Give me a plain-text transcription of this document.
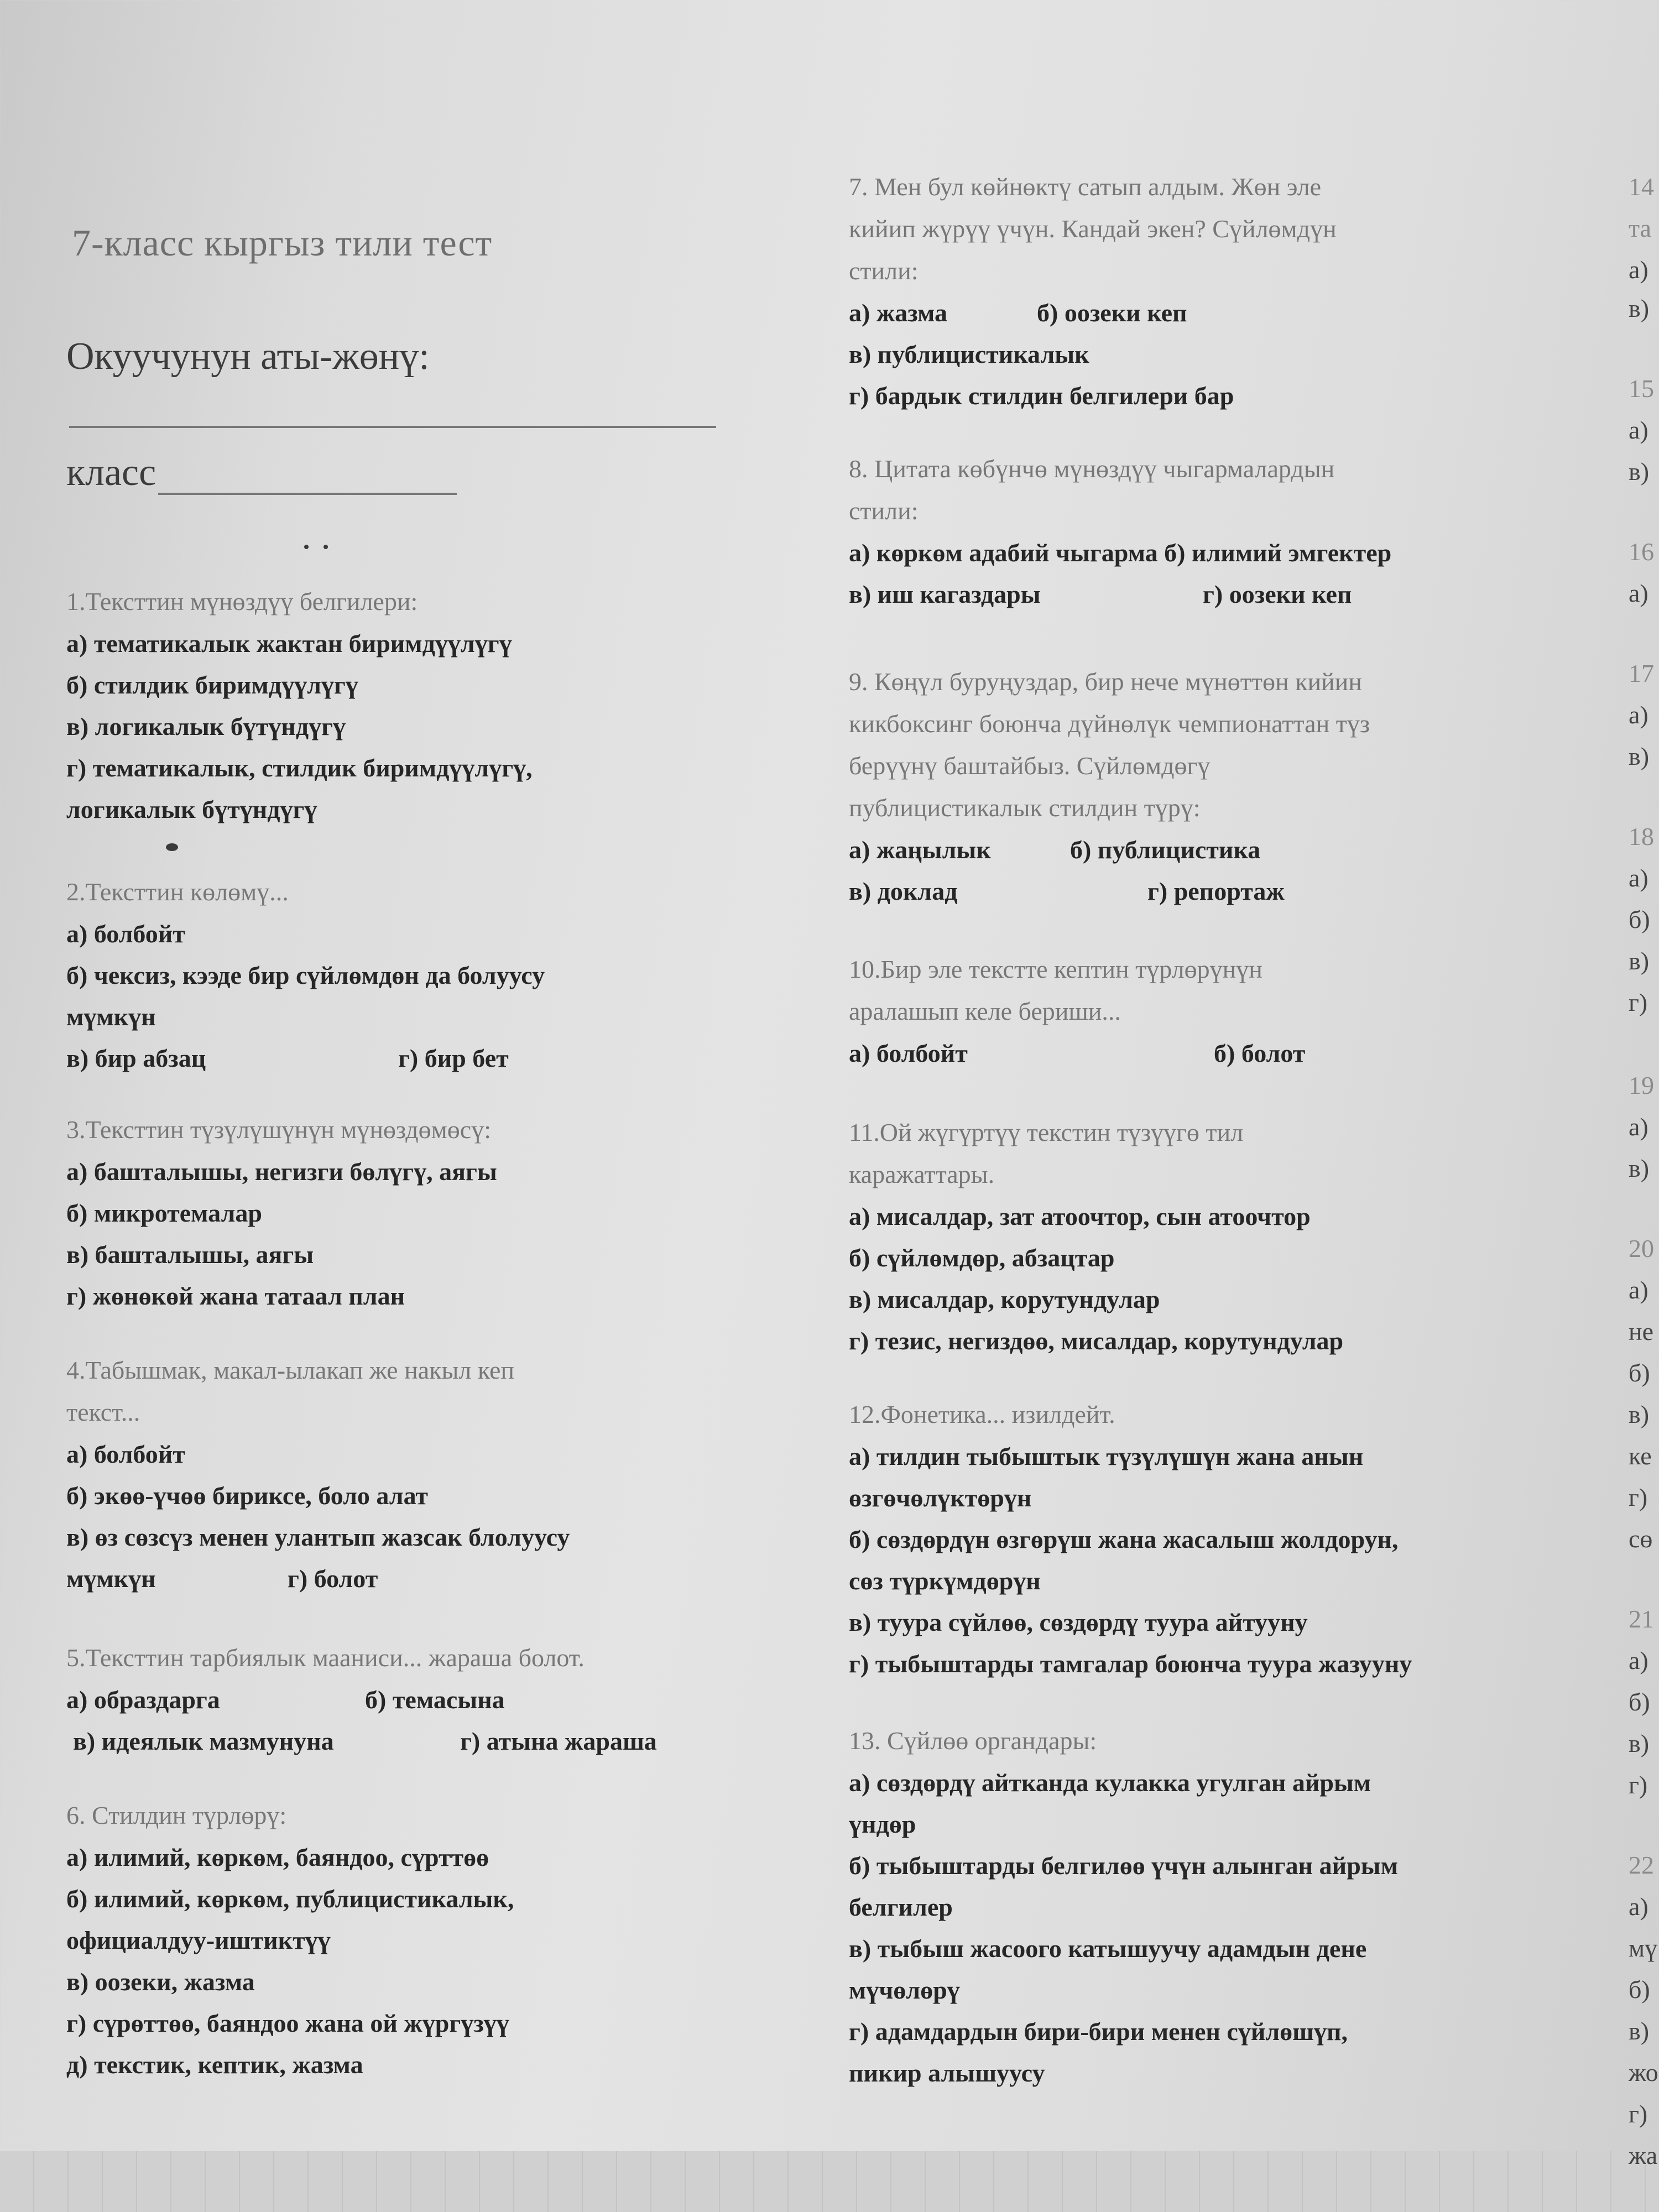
7-класс кыргыз тили тест
Окуучунун аты-жөнү:
класс
1.Тексттин мүнөздүү белгилери:
а) тематикалык жактан биримдүүлүгү
б) стилдик биримдүүлүгү
в) логикалык бүтүндүгү
г) тематикалык, стилдик биримдүүлүгү,
логикалык бүтүндүгү
2.Тексттин көлөмү...
а) болбойт
б) чексиз, кээде бир сүйлөмдөн да болуусу
мүмкүн
в) бир абзац	г) бир бет
3.Тексттин түзүлүшүнүн мүнөздөмөсү:
а) башталышы, негизги бөлүгү, аягы
б) микротемалар
в) башталышы, аягы
г) жөнөкөй жана татаал план
4.Табышмак, макал-ылакап же накыл кеп
текст...
а) болбойт
б) экөө-үчөө бириксе, боло алат
в) өз сөзсүз менен улантып жазсак блолуусу
мүмкүн	г) болот
5.Тексттин тарбиялык мааниси... жараша болот.
а) образдарга	б) темасына
в) идеялык мазмунуна	г) атына жараша
6. Стилдин түрлөрү:
а) илимий, көркөм, баяндоо, сүрттөө
б) илимий, көркөм, публицистикалык,
официалдуу-иштиктүү
в) оозеки, жазма
г) сүрөттөө, баяндоо жана ой жүргүзүү
д) текстик, кептик, жазма
7. Мен бул көйнөктү сатып алдым. Жөн эле
кийип жүрүү үчүн. Кандай экен? Сүйлөмдүн
стили:
а) жазма	б) оозеки кеп
в) публицистикалык
г) бардык стилдин белгилери бар
8. Цитата көбүнчө мүнөздүү чыгармалардын
стили:
а) көркөм адабий чыгарма б) илимий эмгектер
в) иш кагаздары	г) оозеки кеп
9. Көңүл буруңуздар, бир нече мүнөттөн кийин
кикбоксинг боюнча дүйнөлүк чемпионаттан түз
берүүнү баштайбыз. Сүйлөмдөгү
публицистикалык стилдин түрү:
а) жаңылык	б) публицистика
в) доклад	г) репортаж
10.Бир эле текстте кептин түрлөрүнүн
аралашып келе бериши...
а) болбойт	б) болот
11.Ой жүгүртүү текстин түзүүгө тил
каражаттары.
а) мисалдар, зат атоочтор, сын атоочтор
б) сүйлөмдөр, абзацтар
в) мисалдар, корутундулар
г) тезис, негиздөө, мисалдар, корутундулар
12.Фонетика... изилдейт.
а) тилдин тыбыштык түзүлүшүн жана анын
өзгөчөлүктөрүн
б) сөздөрдүн өзгөрүш жана жасалыш жолдорун,
сөз түркүмдөрүн
в) туура сүйлөө, сөздөрдү туура айтууну
г) тыбыштарды тамгалар боюнча туура жазууну
13. Сүйлөө органдары:
а) сөздөрдү айтканда кулакка угулган айрым
үндөр
б) тыбыштарды белгилөө үчүн алынган айрым
белгилер
в) тыбыш жасоого катышуучу адамдын дене
мүчөлөрү
г) адамдардын бири-бири менен сүйлөшүп,
пикир алышуусу
14
та
а)
в)
15
а)
в)
16
а)
17
а)
в)
18
а)
б)
в)
г)
19
а)
в)
20
а)
не
б)
в)
ке
г)
сө
21
а)
б)
в)
г)
22
а)
мү
б)
в)
жо
г)
жа
